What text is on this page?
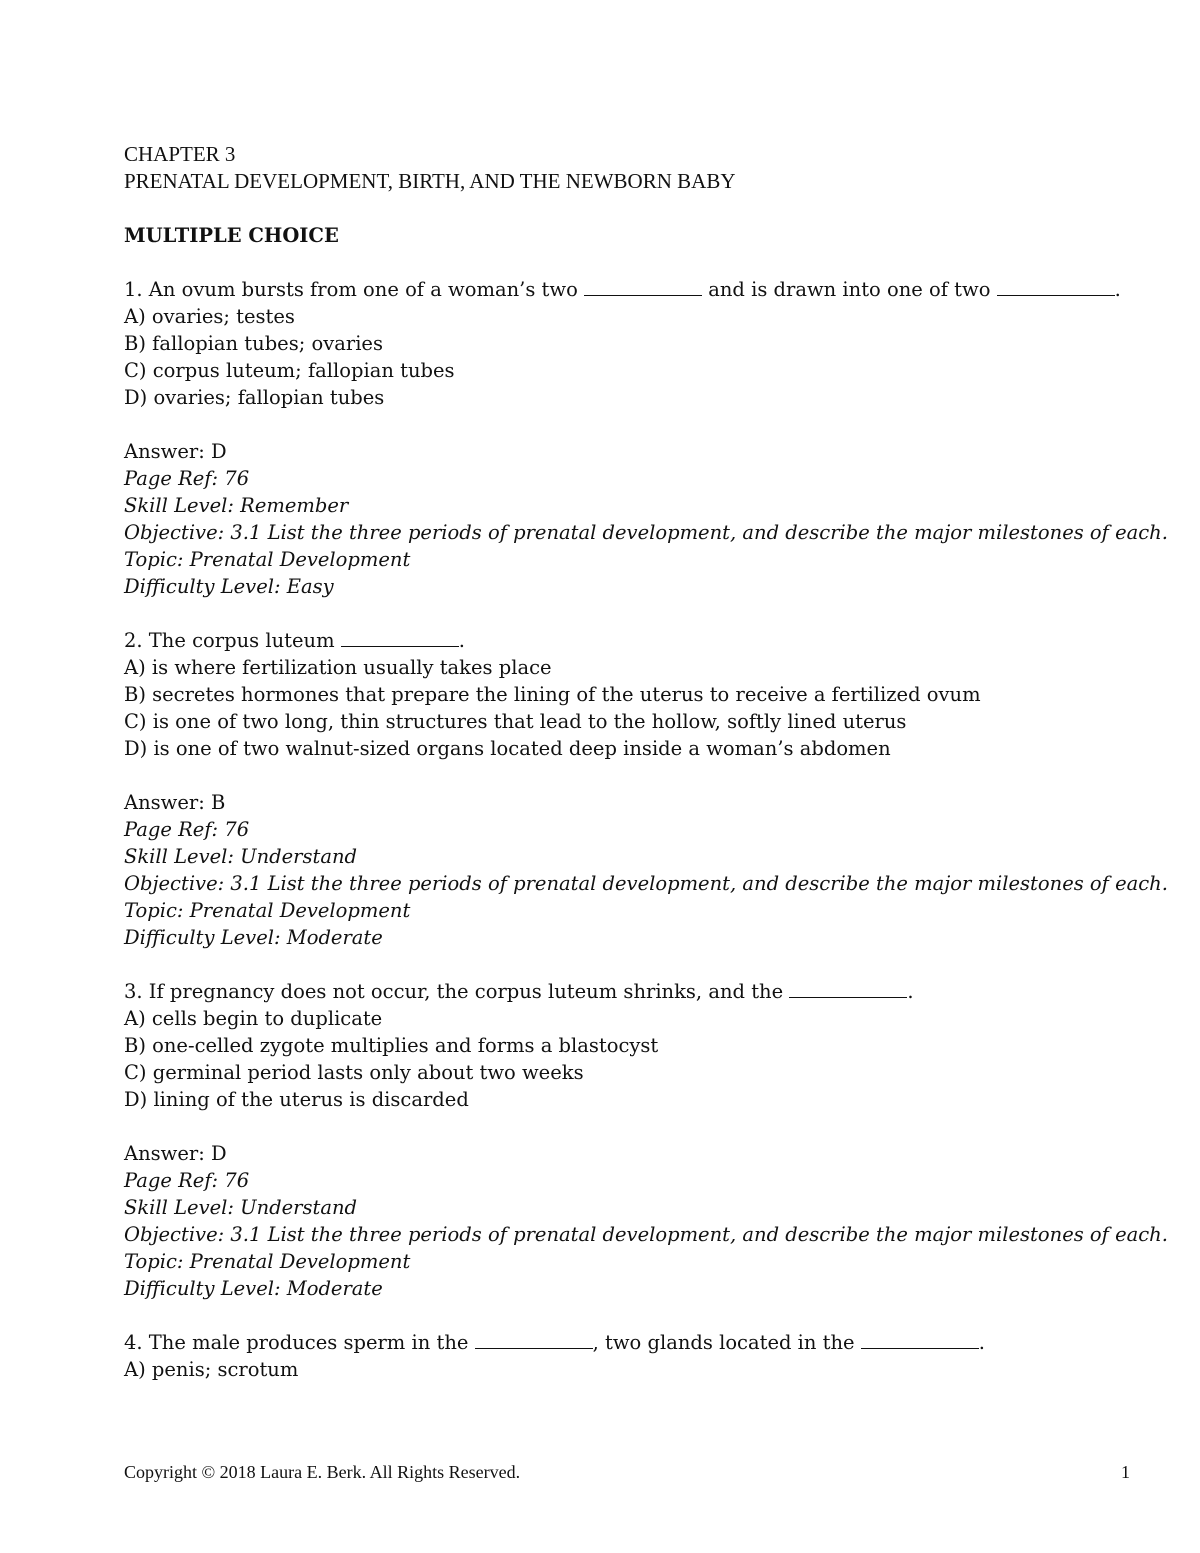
CHAPTER 3
PRENATAL DEVELOPMENT, BIRTH, AND THE NEWBORN BABY
MULTIPLE CHOICE
1. An ovum bursts from one of a woman’s two	and is drawn into one of two	.
A) ovaries; testes
B) fallopian tubes; ovaries
C) corpus luteum; fallopian tubes
D) ovaries; fallopian tubes
Answer: D
Page Ref: 76
Skill Level: Remember
Objective: 3.1 List the three periods of prenatal development, and describe the major milestones of each.
Topic: Prenatal Development
Difficulty Level: Easy
2. The corpus luteum	.
A) is where fertilization usually takes place
B) secretes hormones that prepare the lining of the uterus to receive a fertilized ovum
C) is one of two long, thin structures that lead to the hollow, softly lined uterus
D) is one of two walnut-sized organs located deep inside a woman’s abdomen
Answer: B
Page Ref: 76
Skill Level: Understand
Objective: 3.1 List the three periods of prenatal development, and describe the major milestones of each.
Topic: Prenatal Development
Difficulty Level: Moderate
3. If pregnancy does not occur, the corpus luteum shrinks, and the	.
A) cells begin to duplicate
B) one-celled zygote multiplies and forms a blastocyst
C) germinal period lasts only about two weeks
D) lining of the uterus is discarded
Answer: D
Page Ref: 76
Skill Level: Understand
Objective: 3.1 List the three periods of prenatal development, and describe the major milestones of each.
Topic: Prenatal Development
Difficulty Level: Moderate
4. The male produces sperm in the	, two glands located in the	.
A) penis; scrotum
Copyright © 2018 Laura E. Berk. All Rights Reserved.	1
